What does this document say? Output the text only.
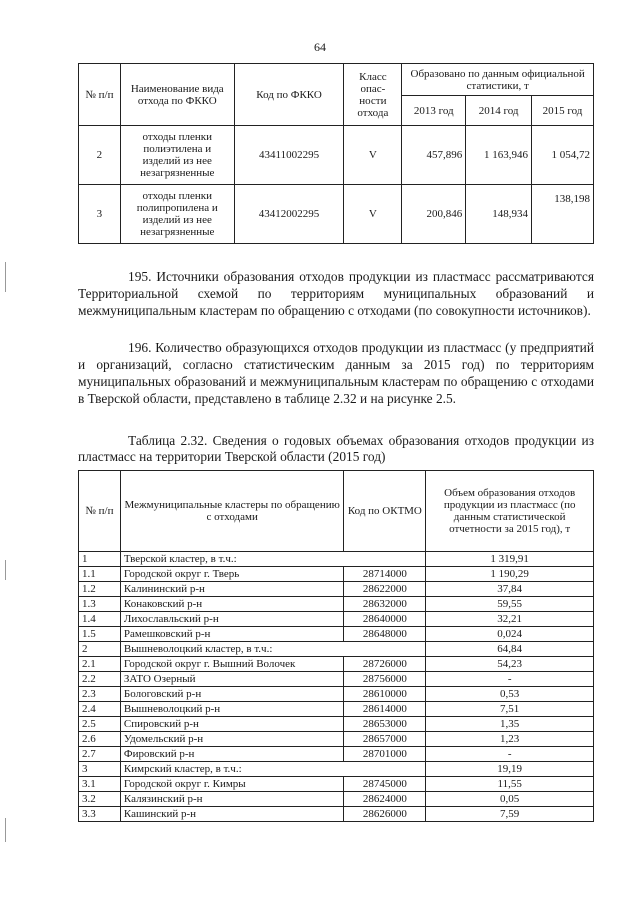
64
№ п/п	Наименование вида отхода по ФККО	Код по ФККО	Класс опас-ности отхода	Образовано по данным официальной статистики, т		
				2013 год	2014 год	2015 год
2	отходы пленки полиэтилена и изделий из нее незагрязненные	43411002295	V	457,896	1 163,946	1 054,72
3	отходы пленки полипропилена и изделий из нее незагрязненные	43412002295	V	200,846	148,934	138,198
195. Источники образования отходов продукции из пластмасс рассматриваются Территориальной схемой по территориям муниципальных образований и межмуниципальным кластерам по обращению с отходами (по совокупности источников).
196. Количество образующихся отходов продукции из пластмасс (у предприятий и организаций, согласно статистическим данным за 2015 год) по территориям муниципальных образований и межмуниципальным кластерам по обращению с отходами в Тверской области, представлено в таблице 2.32 и на рисунке 2.5.
Таблица 2.32. Сведения о годовых объемах образования отходов продукции из пластмасс на территории Тверской области (2015 год)
№ п/п	Межмуниципальные кластеры по обращению с отходами	Код по ОКТМО	Объем образования отходов продукции из пластмасс (по данным статистической отчетности за 2015 год), т
1	Тверской кластер, в т.ч.:		1 319,91
1.1	Городской округ г. Тверь	28714000	1 190,29
1.2	Калининский р-н	28622000	37,84
1.3	Конаковский р-н	28632000	59,55
1.4	Лихославльский р-н	28640000	32,21
1.5	Рамешковский р-н	28648000	0,024
2	Вышневолоцкий кластер, в т.ч.:		64,84
2.1	Городской округ г. Вышний Волочек	28726000	54,23
2.2	ЗАТО Озерный	28756000	-
2.3	Бологовский р-н	28610000	0,53
2.4	Вышневолоцкий р-н	28614000	7,51
2.5	Спировский р-н	28653000	1,35
2.6	Удомельский р-н	28657000	1,23
2.7	Фировский р-н	28701000	-
3	Кимрский кластер, в т.ч.:		19,19
3.1	Городской округ г. Кимры	28745000	11,55
3.2	Калязинский р-н	28624000	0,05
3.3	Кашинский р-н	28626000	7,59
